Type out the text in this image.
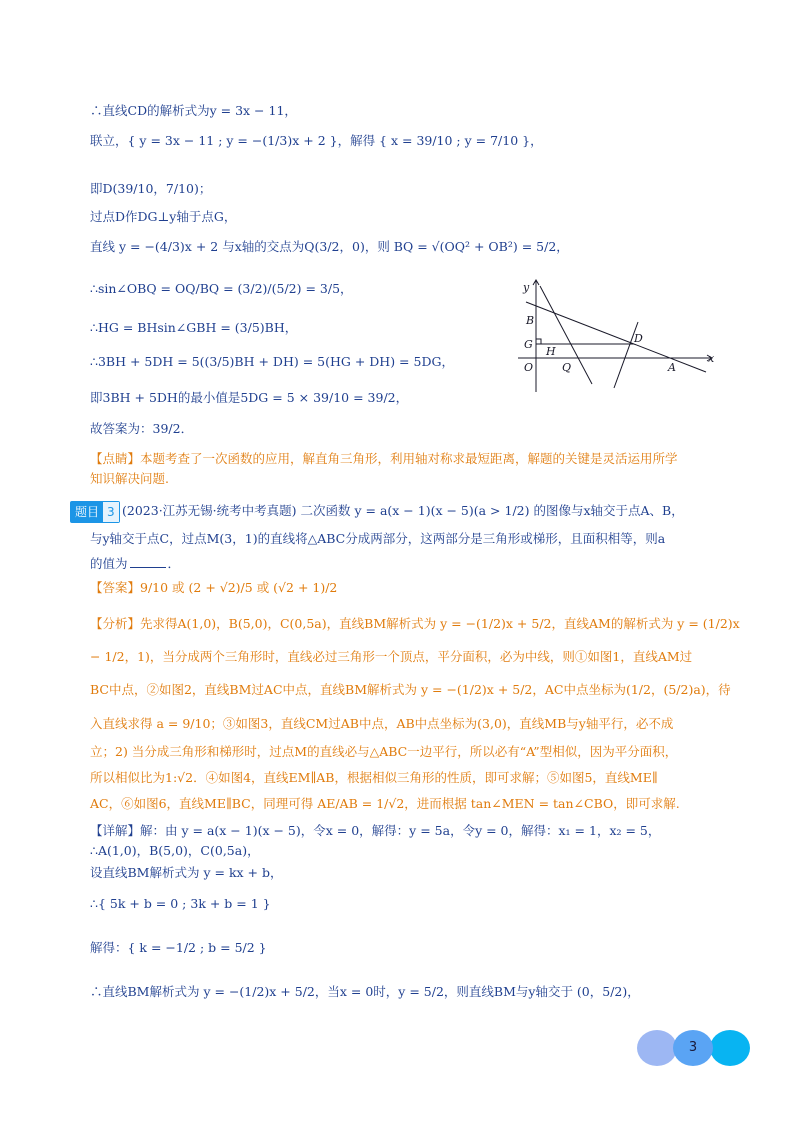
∴直线CD的解析式为y = 3x − 11，
联立，{ y = 3x − 11 ; y = −(1/3)x + 2 }，解得 { x = 39/10 ; y = 7/10 }，
即D(39/10，7/10)；
过点D作DG⊥y轴于点G，
直线 y = −(4/3)x + 2 与x轴的交点为Q(3/2，0)，则 BQ = √(OQ² + OB²) = 5/2，
∴sin∠OBQ = OQ/BQ = (3/2)/(5/2) = 3/5，
∴HG = BHsin∠GBH = (3/5)BH，
∴3BH + 5DH = 5((3/5)BH + DH) = 5(HG + DH) = 5DG，
即3BH + 5DH的最小值是5DG = 5 × 39/10 = 39/2，
故答案为：39/2．
y
x
B
G
H
O	Q
D
A
【点睛】本题考查了一次函数的应用，解直角三角形，利用轴对称求最短距离，解题的关键是灵活运用所学
知识解决问题.
题目 3 (2023·江苏无锡·统考中考真题) 二次函数 y = a(x − 1)(x − 5)(a > 1/2) 的图像与x轴交于点A、B，
与y轴交于点C，过点M(3，1)的直线将△ABC分成两部分，这两部分是三角形或梯形，且面积相等，则a
的值为	．
【答案】9/10 或 (2 + √2)/5 或 (√2 + 1)/2
【分析】先求得A(1,0)，B(5,0)，C(0,5a)，直线BM解析式为 y = −(1/2)x + 5/2，直线AM的解析式为 y = (1/2)x
− 1/2，1)，当分成两个三角形时，直线必过三角形一个顶点，平分面积，必为中线，则①如图1，直线AM过
BC中点，②如图2，直线BM过AC中点，直线BM解析式为 y = −(1/2)x + 5/2，AC中点坐标为(1/2，(5/2)a)，待
入直线求得 a = 9/10；③如图3，直线CM过AB中点，AB中点坐标为(3,0)，直线MB与y轴平行，必不成
立；2) 当分成三角形和梯形时，过点M的直线必与△ABC一边平行，所以必有“A”型相似，因为平分面积，
所以相似比为1:√2．④如图4，直线EM∥AB，根据相似三角形的性质，即可求解；⑤如图5，直线ME∥
AC，⑥如图6，直线ME∥BC，同理可得 AE/AB = 1/√2，进而根据 tan∠MEN = tan∠CBO，即可求解.
【详解】解：由 y = a(x − 1)(x − 5)，令x = 0，解得：y = 5a，令y = 0，解得：x₁ = 1，x₂ = 5，
∴A(1,0)，B(5,0)，C(0,5a)，
设直线BM解析式为 y = kx + b，
∴{ 5k + b = 0 ; 3k + b = 1 }
解得：{ k = −1/2 ; b = 5/2 }
∴直线BM解析式为 y = −(1/2)x + 5/2，当x = 0时，y = 5/2，则直线BM与y轴交于 (0，5/2)，
3
